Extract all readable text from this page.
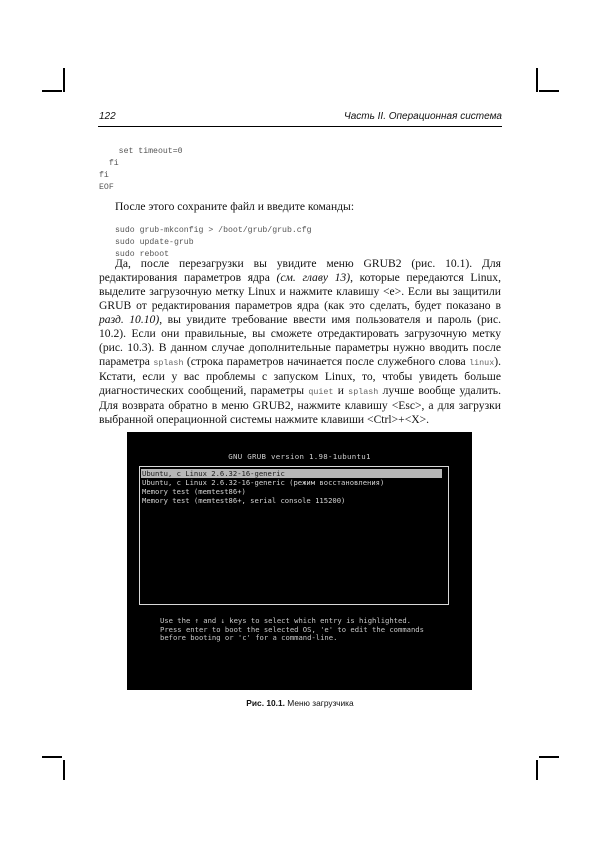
122	Часть II. Операционная система

set timeout=0
fi
fi
EOF

После этого сохраните файл и введите команды:

sudo grub-mkconfig > /boot/grub/grub.cfg
sudo update-grub
sudo reboot

Да, после перезагрузки вы увидите меню GRUB2 (рис. 10.1). Для редактирования параметров ядра (см. главу 13), которые передаются Linux, выделите загрузочную метку Linux и нажмите клавишу <e>. Если вы защитили GRUB от редактирования параметров ядра (как это сделать, будет показано в разд. 10.10), вы увидите требование ввести имя пользователя и пароль (рис. 10.2). Если они правильные, вы сможете отредактировать загрузочную метку (рис. 10.3). В данном случае дополнительные параметры нужно вводить после параметра splash (строка параметров начинается после служебного слова linux). Кстати, если у вас проблемы с запуском Linux, то, чтобы увидеть больше диагностических сообщений, параметры quiet и splash лучше вообще удалить. Для возврата обратно в меню GRUB2, нажмите клавишу <Esc>, а для загрузки выбранной операционной системы нажмите клавиши <Ctrl>+<X>.

GNU GRUB version 1.98-1ubuntu1
Ubuntu, с Linux 2.6.32-16-generic
Ubuntu, с Linux 2.6.32-16-generic (режим восстановления)
Memory test (memtest86+)
Memory test (memtest86+, serial console 115200)
Use the ↑ and ↓ keys to select which entry is highlighted.
Press enter to boot the selected OS, 'e' to edit the commands
before booting or 'c' for a command-line.
Рис. 10.1. Меню загрузчика
